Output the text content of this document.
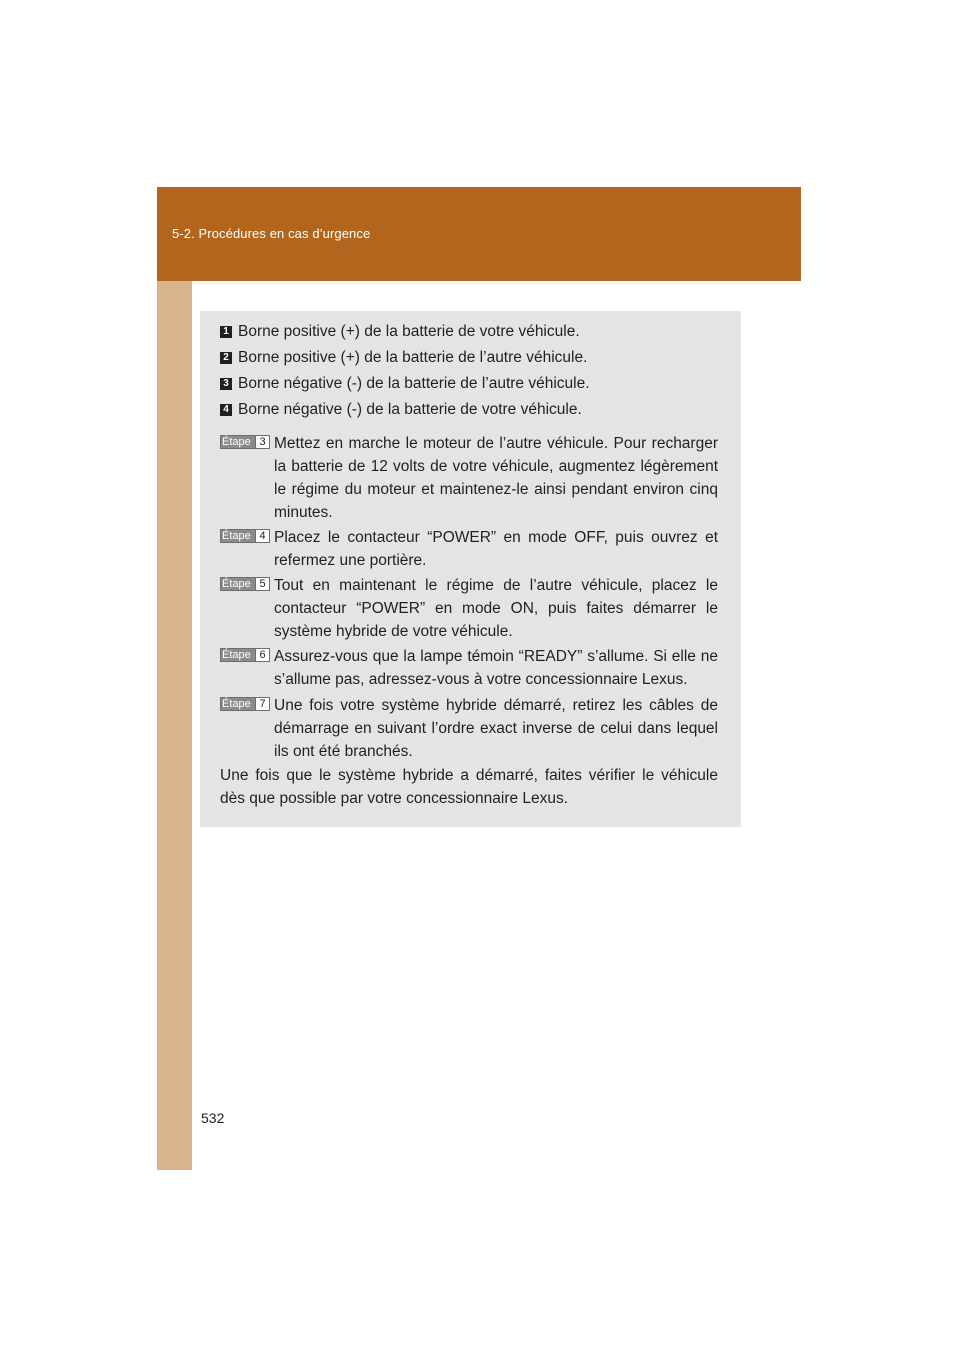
5-2. Procédures en cas d’urgence
1 Borne positive (+) de la batterie de votre véhicule.
2 Borne positive (+) de la batterie de l’autre véhicule.
3 Borne négative (-) de la batterie de l’autre véhicule.
4 Borne négative (-) de la batterie de votre véhicule.
Étape 3 Mettez en marche le moteur de l’autre véhicule. Pour recharger la batterie de 12 volts de votre véhicule, augmentez légèrement le régime du moteur et maintenez-le ainsi pendant environ cinq minutes.
Étape 4 Placez le contacteur “POWER” en mode OFF, puis ouvrez et refermez une portière.
Étape 5 Tout en maintenant le régime de l’autre véhicule, placez le contacteur “POWER” en mode ON, puis faites démarrer le système hybride de votre véhicule.
Étape 6 Assurez-vous que la lampe témoin “READY” s’allume. Si elle ne s’allume pas, adressez-vous à votre concessionnaire Lexus.
Étape 7 Une fois votre système hybride démarré, retirez les câbles de démarrage en suivant l’ordre exact inverse de celui dans lequel ils ont été branchés.
Une fois que le système hybride a démarré, faites vérifier le véhicule dès que possible par votre concessionnaire Lexus.
532
